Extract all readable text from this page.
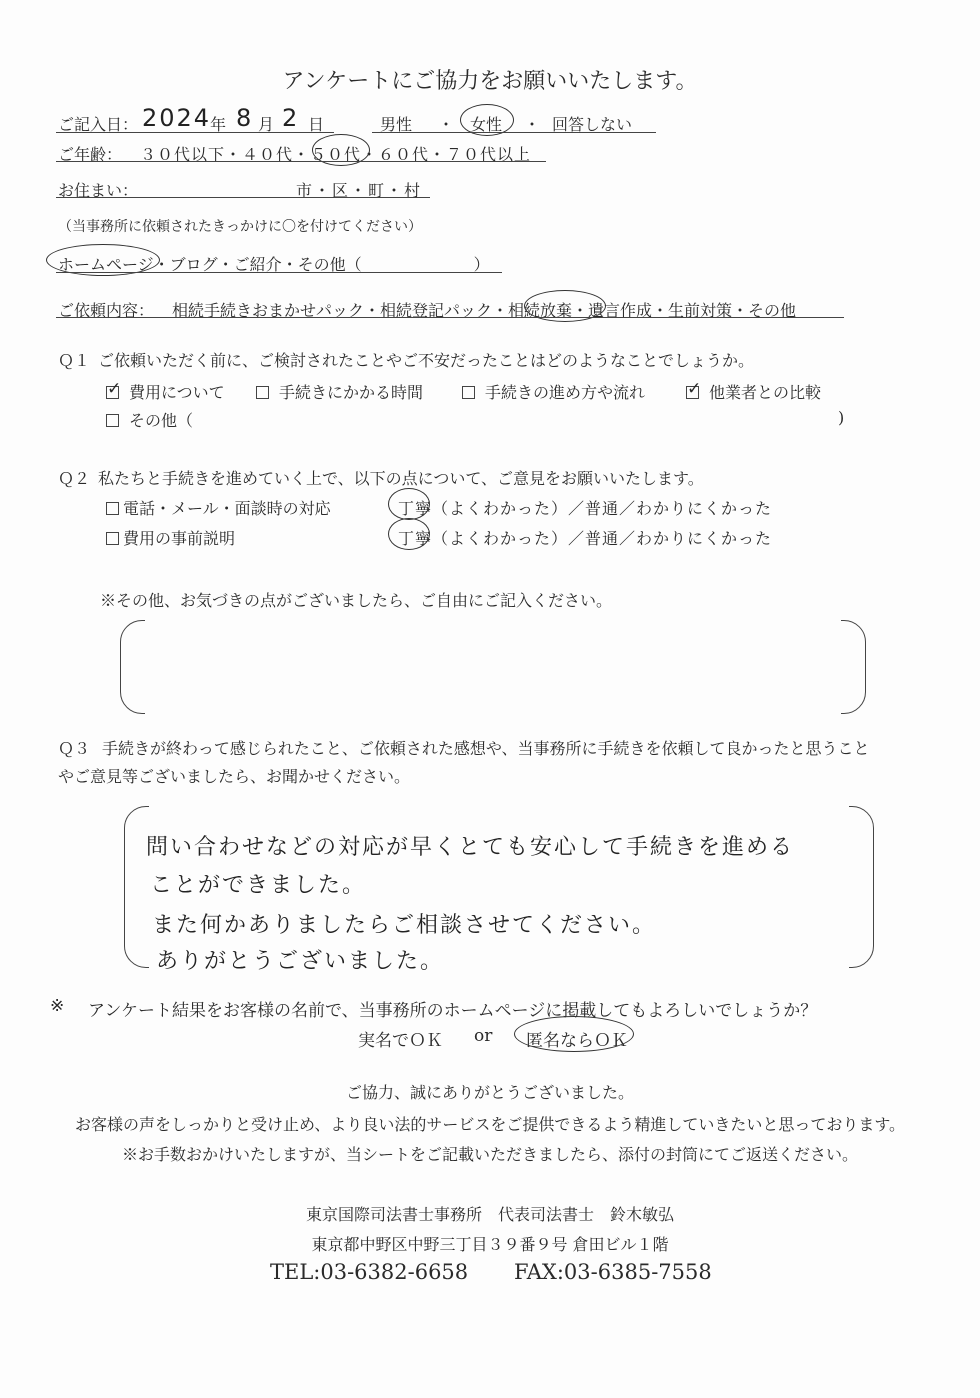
アンケートにご協力をお願いいたします。
ご記入日： 2024
年 8 月 2 日	男性 ・ 女性 ・ 回答しない
ご年齢： ３０代以下・４０代・５０代・６０代・７０代以上
お住まい：	市・区・町・村
（当事務所に依頼されたきっかけに〇を付けてください）
ホームページ・ブログ・ご紹介・その他（　　　　　　　）
ご依頼内容： 相続手続きおまかせパック・相続登記パック・相続放棄・遺言作成・生前対策・その他
Ｑ１ ご依頼いただく前に、ご検討されたことやご不安だったことはどのようなことでしょうか。
✓費用について	手続きにかかる時間	手続きの進め方や流れ
✓	他業者との比較
その他（	)
Ｑ２ 私たちと手続きを進めていく上で、以下の点について、ご意見をお願いいたします。
電話・メール・面談時の対応	丁寧（よくわかった）／普通／わかりにくかった
費用の事前説明	丁寧（よくわかった）／普通／わかりにくかった
※その他、お気づきの点がございましたら、ご自由にご記入ください。
Ｑ３ 手続きが終わって感じられたこと、ご依頼された感想や、当事務所に手続きを依頼して良かったと思うこと
やご意見等ございましたら、お聞かせください。
問い合わせなどの対応が早くとても安心して手続きを進める
ことができました。
また何かありましたらご相談させてください。
ありがとうございました。
※ アンケート結果をお客様の名前で、当事務所のホームページに掲載してもよろしいでしょうか？
実名でＯＫ or 匿名ならＯＫ
ご協力、誠にありがとうございました。
お客様の声をしっかりと受け止め、より良い法的サービスをご提供できるよう精進していきたいと思っております。
※お手数おかけいたしますが、当シートをご記載いただきましたら、添付の封筒にてご返送ください。
東京国際司法書士事務所　代表司法書士　鈴木敏弘
東京都中野区中野三丁目３９番９号 倉田ビル１階
TEL:03-6382-6658 FAX:03-6385-7558
